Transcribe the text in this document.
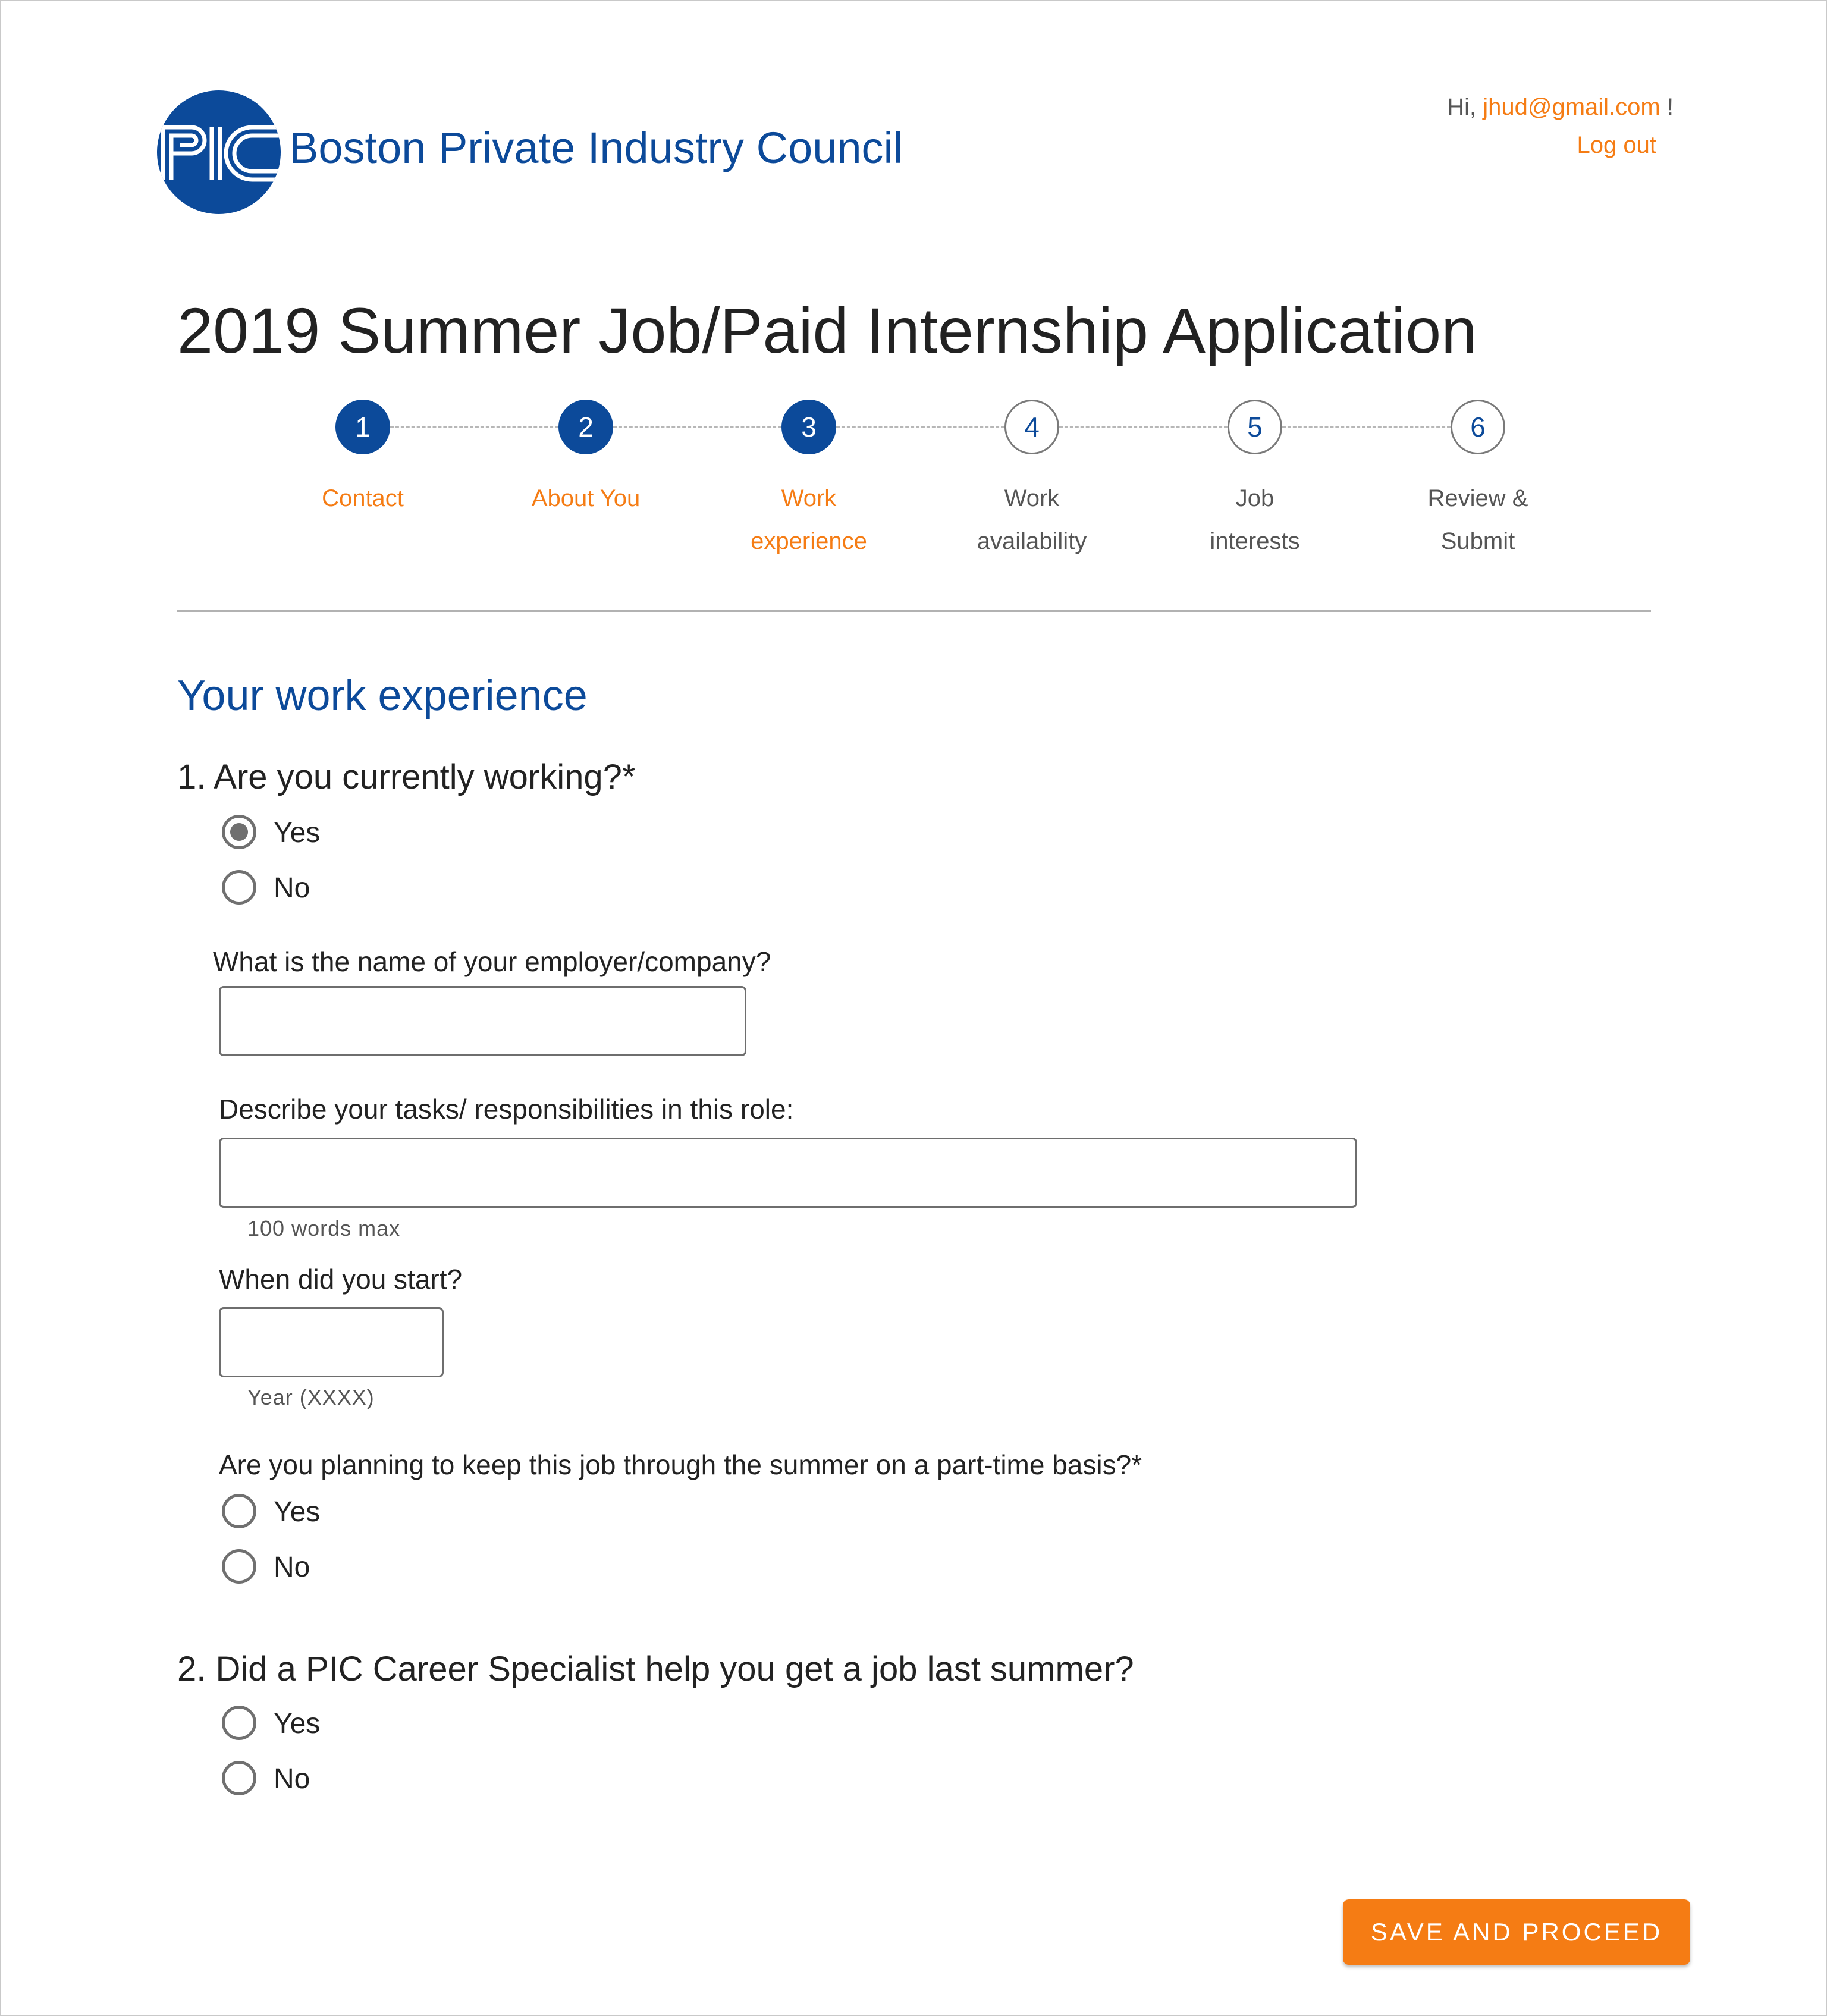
Boston Private Industry Council
Hi, jhud@gmail.com !
Log out
2019 Summer Job/Paid Internship Application
1	2	3	4	5	6
Contact	About You	Work
experience
Work
availability
Job
interests
Review &
Submit
Your work experience
1. Are you currently working?*
Yes
No
What is the name of your employer/company?
Describe your tasks/ responsibilities in this role:
100 words max
When did you start?
Year (XXXX)
Are you planning to keep this job through the summer on a part-time basis?*
Yes
No
2. Did a PIC Career Specialist help you get a job last summer?
Yes
No
SAVE AND PROCEED
